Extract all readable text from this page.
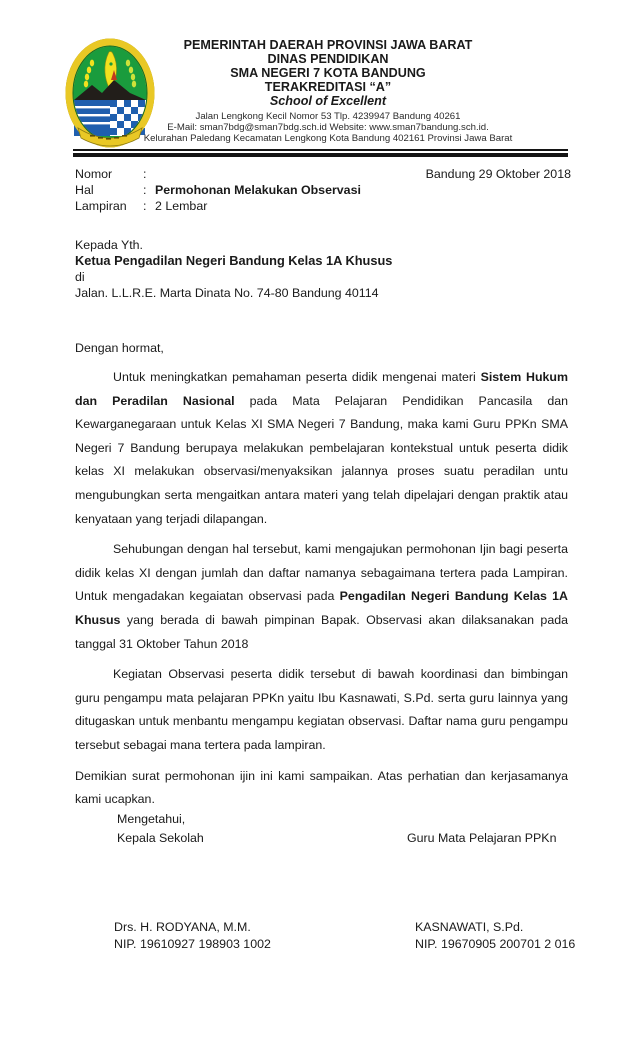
PEMERINTAH DAERAH PROVINSI JAWA BARAT
DINAS PENDIDIKAN
SMA NEGERI 7 KOTA BANDUNG
TERAKREDITASI “A”
School of Excellent
Jalan Lengkong Kecil Nomor 53 Tlp. 4239947 Bandung 40261
E-Mail: sman7bdg@sman7bdg.sch.id Website: www.sman7bandung.sch.id.
Kelurahan Paledang Kecamatan Lengkong Kota Bandung 402161 Provinsi Jawa Barat
Bandung 29 Oktober 2018
Nomor	:
Hal	: Permohonan Melakukan Observasi
Lampiran	: 2 Lembar
Kepada Yth.
Ketua Pengadilan Negeri Bandung Kelas 1A Khusus
di
Jalan. L.L.R.E. Marta Dinata No. 74-80 Bandung 40114
Dengan hormat,

Untuk meningkatkan pemahaman peserta didik mengenai materi Sistem Hukum dan Peradilan Nasional pada Mata Pelajaran Pendidikan Pancasila dan Kewarganegaraan untuk Kelas XI SMA Negeri 7 Bandung, maka kami Guru PPKn SMA Negeri 7 Bandung berupaya melakukan pembelajaran kontekstual untuk peserta didik kelas XI melakukan observasi/menyaksikan jalannya proses suatu peradilan untu mengubungkan serta mengaitkan antara materi yang telah dipelajari dengan praktik atau kenyataan yang terjadi dilapangan.

Sehubungan dengan hal tersebut, kami mengajukan permohonan Ijin bagi peserta didik kelas XI dengan jumlah dan daftar namanya sebagaimana tertera pada Lampiran. Untuk mengadakan kegaiatan observasi pada Pengadilan Negeri Bandung Kelas 1A Khusus yang berada di bawah pimpinan Bapak. Observasi akan dilaksanakan pada tanggal 31 Oktober Tahun 2018

Kegiatan Observasi peserta didik tersebut di bawah koordinasi dan bimbingan guru pengampu mata pelajaran PPKn yaitu Ibu Kasnawati, S.Pd. serta guru lainnya yang ditugaskan untuk menbantu mengampu kegiatan observasi. Daftar nama guru pengampu tersebut sebagai mana tertera pada lampiran.

Demikian surat permohonan ijin ini kami sampaikan. Atas perhatian dan kerjasamanya kami ucapkan.

Mengetahui,
Kepala Sekolah	Guru Mata Pelajaran PPKn
Drs. H. RODYANA, M.M.
NIP. 19610927 198903 1002
KASNAWATI, S.Pd.
NIP. 19670905 200701 2 016
